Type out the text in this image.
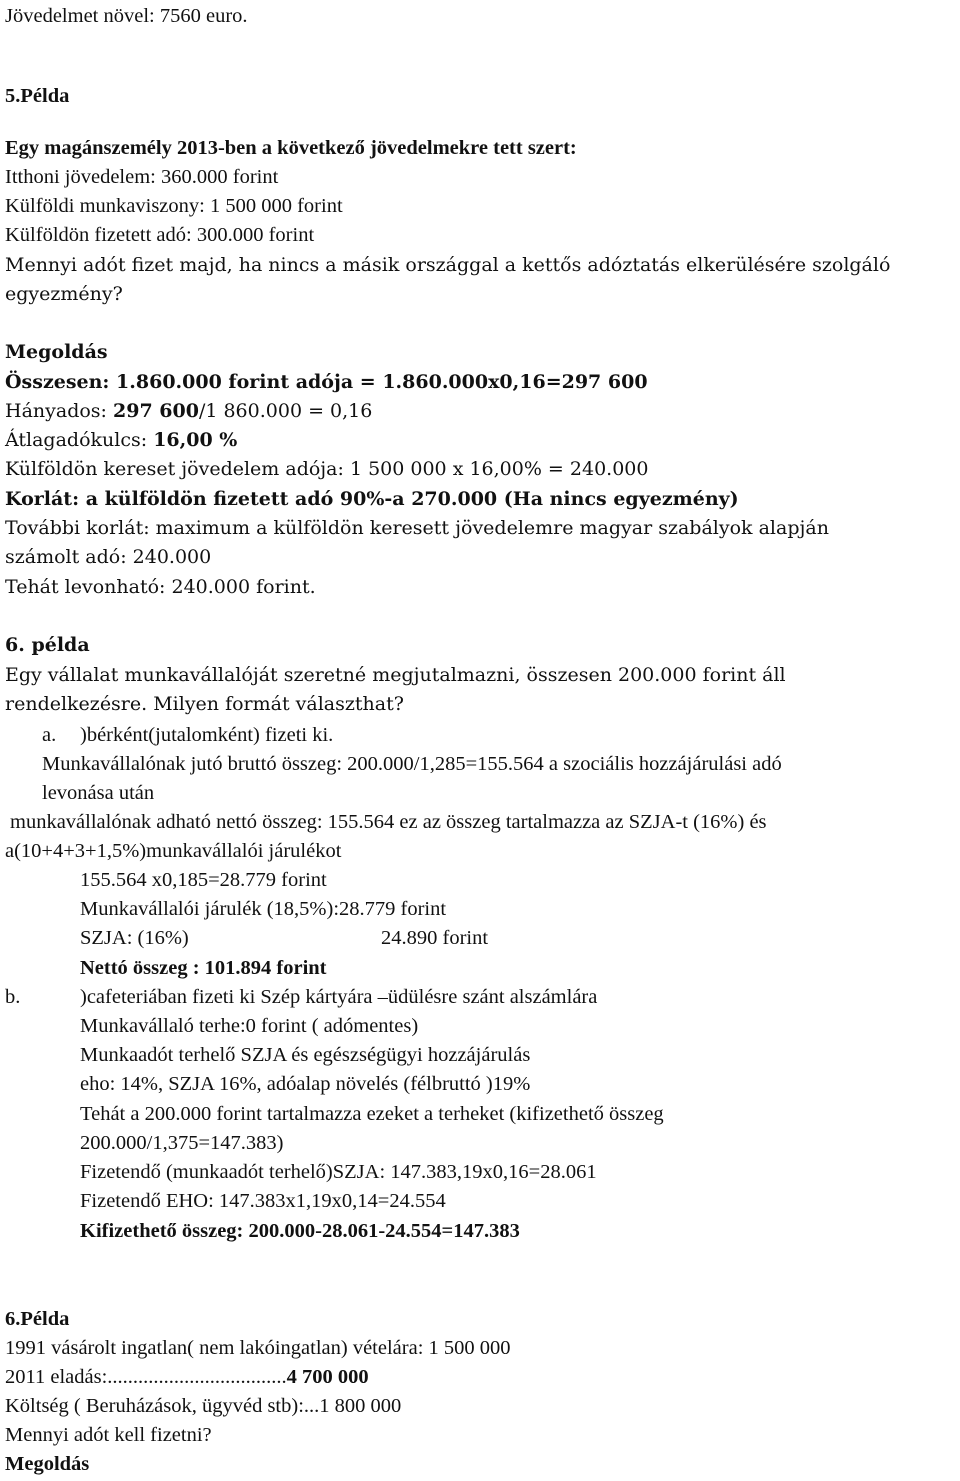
Jövedelmet növel: 7560 euro.
5.Példa
Egy magánszemély 2013-ben a következő jövedelmekre tett szert:
Itthoni jövedelem: 360.000 forint
Külföldi munkaviszony: 1 500 000 forint
Külföldön fizetett adó: 300.000 forint
Mennyi adót fizet majd, ha nincs a másik országgal a kettős adóztatás elkerülésére szolgáló
egyezmény?
Megoldás
Összesen: 1.860.000 forint adója = 1.860.000x0,16=297 600
Hányados: 297 600/1 860.000 = 0,16
Átlagadókulcs: 16,00 %
Külföldön kereset jövedelem adója: 1 500 000 x 16,00% = 240.000
Korlát: a külföldön fizetett adó 90%-a 270.000 (Ha nincs egyezmény)
További korlát: maximum a külföldön keresett jövedelemre magyar szabályok alapján
számolt adó: 240.000
Tehát levonható: 240.000 forint.
6. példa
Egy vállalat munkavállalóját szeretné megjutalmazni, összesen 200.000 forint áll
rendelkezésre. Milyen formát választhat?
a. )bérként(jutalomként) fizeti ki.
Munkavállalónak jutó bruttó összeg: 200.000/1,285=155.564 a szociális hozzájárulási adó
levonása után
munkavállalónak adható nettó összeg: 155.564 ez az összeg tartalmazza az SZJA-t (16%) és
a(10+4+3+1,5%)munkavállalói járulékot
155.564 x0,185=28.779 forint
Munkavállalói járulék (18,5%):28.779 forint
SZJA: (16%)	24.890 forint
Nettó összeg : 101.894 forint
b.	)cafeteriában fizeti ki Szép kártyára –üdülésre szánt alszámlára
Munkavállaló terhe:0 forint ( adómentes)
Munkaadót terhelő SZJA és egészségügyi hozzájárulás
eho: 14%, SZJA 16%, adóalap növelés (félbruttó )19%
Tehát a 200.000 forint tartalmazza ezeket a terheket (kifizethető összeg
200.000/1,375=147.383)
Fizetendő (munkaadót terhelő)SZJA: 147.383,19x0,16=28.061
Fizetendő EHO: 147.383x1,19x0,14=24.554
Kifizethető összeg: 200.000-28.061-24.554=147.383
6.Példa
1991 vásárolt ingatlan( nem lakóingatlan) vételára: 1 500 000
2011 eladás:...................................4 700 000
Költség ( Beruházások, ügyvéd stb):...1 800 000
Mennyi adót kell fizetni?
Megoldás
